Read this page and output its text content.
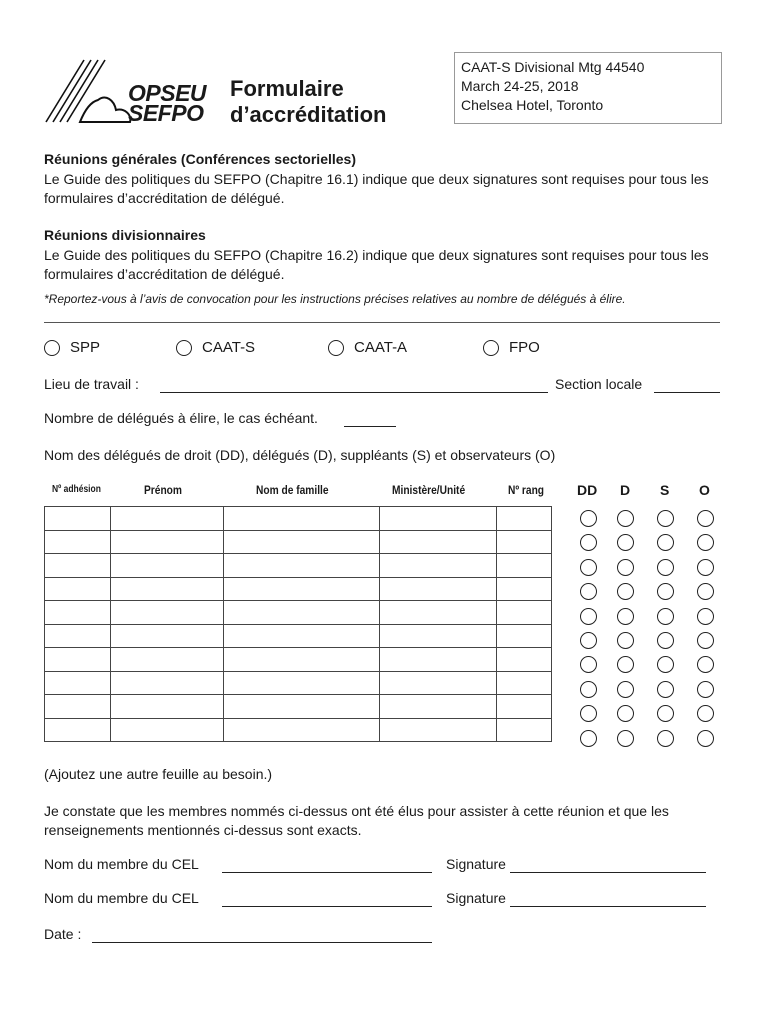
OPSEU
SEFPO
Formulaire
d’accréditation
CAAT-S Divisional Mtg 44540
March 24-25, 2018
Chelsea Hotel, Toronto
Réunions générales (Conférences sectorielles)
Le Guide des politiques du SEFPO (Chapitre 16.1) indique que deux signatures sont requises pour tous les formulaires d’accréditation de délégué.
Réunions divisionnaires
Le Guide des politiques du SEFPO (Chapitre 16.2) indique que deux signatures sont requises pour tous les formulaires d’accréditation de délégué.
*Reportez-vous à l’avis de convocation pour les instructions précises relatives au nombre de délégués à élire.
SPP	CAAT-S	CAAT-A	FPO
Lieu de travail :	Section locale
Nombre de délégués à élire, le cas échéant.
Nom des délégués de droit (DD), délégués (D), suppléants (S) et observateurs (O)
Nº adhésion	Prénom	Nom de famille	Ministère/Unité	Nº rang DD D S O

(Ajoutez une autre feuille au besoin.)
Je constate que les membres nommés ci-dessus ont été élus pour assister à cette réunion et que les renseignements mentionnés ci-dessus sont exacts.
Nom du membre du CEL	Signature
Nom du membre du CEL	Signature
Date :
